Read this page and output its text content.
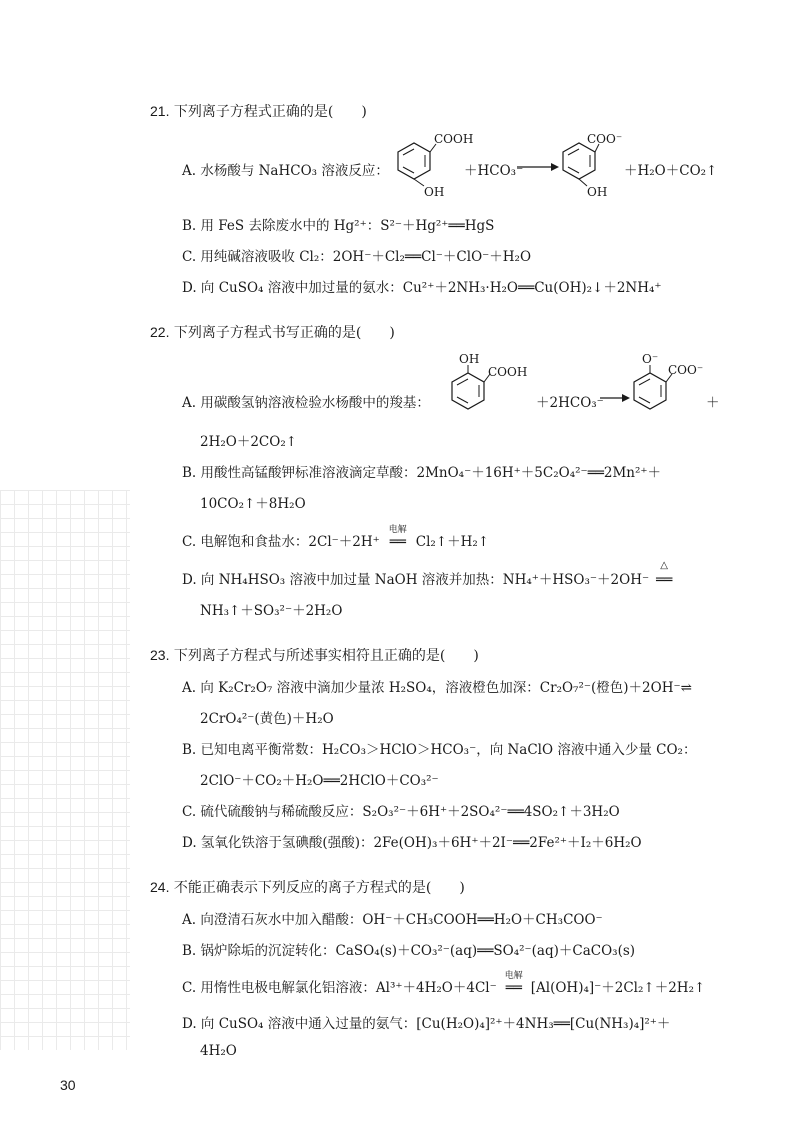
21. 下列离子方程式正确的是(　　)
A. 水杨酸与 NaHCO₃ 溶液反应：
COOH
OH
＋HCO₃⁻
COO⁻
OH
＋H₂O＋CO₂↑
B. 用 FeS 去除废水中的 Hg²⁺：S²⁻＋Hg²⁺══HgS
C. 用纯碱溶液吸收 Cl₂：2OH⁻＋Cl₂══Cl⁻＋ClO⁻＋H₂O
D. 向 CuSO₄ 溶液中加过量的氨水：Cu²⁺＋2NH₃·H₂O══Cu(OH)₂↓＋2NH₄⁺
22. 下列离子方程式书写正确的是(　　)
A. 用碳酸氢钠溶液检验水杨酸中的羧基：
OH
COOH
＋2HCO₃⁻
O⁻
COO⁻
＋
2H₂O＋2CO₂↑
B. 用酸性高锰酸钾标准溶液滴定草酸：2MnO₄⁻＋16H⁺＋5C₂O₄²⁻══2Mn²⁺＋
10CO₂↑＋8H₂O
C. 电解饱和食盐水：2Cl⁻＋2H⁺
电解
══ Cl₂↑＋H₂↑
D. 向 NH₄HSO₃ 溶液中加过量 NaOH 溶液并加热：NH₄⁺＋HSO₃⁻＋2OH⁻
△
══
NH₃↑＋SO₃²⁻＋2H₂O
23. 下列离子方程式与所述事实相符且正确的是(　　)
A. 向 K₂Cr₂O₇ 溶液中滴加少量浓 H₂SO₄，溶液橙色加深：Cr₂O₇²⁻(橙色)＋2OH⁻⇌
2CrO₄²⁻(黄色)＋H₂O
B. 已知电离平衡常数：H₂CO₃＞HClO＞HCO₃⁻，向 NaClO 溶液中通入少量 CO₂：
2ClO⁻＋CO₂＋H₂O══2HClO＋CO₃²⁻
C. 硫代硫酸钠与稀硫酸反应：S₂O₃²⁻＋6H⁺＋2SO₄²⁻══4SO₂↑＋3H₂O
D. 氢氧化铁溶于氢碘酸(强酸)：2Fe(OH)₃＋6H⁺＋2I⁻══2Fe²⁺＋I₂＋6H₂O
24. 不能正确表示下列反应的离子方程式的是(　　)
A. 向澄清石灰水中加入醋酸：OH⁻＋CH₃COOH══H₂O＋CH₃COO⁻
B. 锅炉除垢的沉淀转化：CaSO₄(s)＋CO₃²⁻(aq)══SO₄²⁻(aq)＋CaCO₃(s)
C. 用惰性电极电解氯化铝溶液：Al³⁺＋4H₂O＋4Cl⁻
电解
══ [Al(OH)₄]⁻＋2Cl₂↑＋2H₂↑
D. 向 CuSO₄ 溶液中通入过量的氨气：[Cu(H₂O)₄]²⁺＋4NH₃══[Cu(NH₃)₄]²⁺＋
4H₂O
30
